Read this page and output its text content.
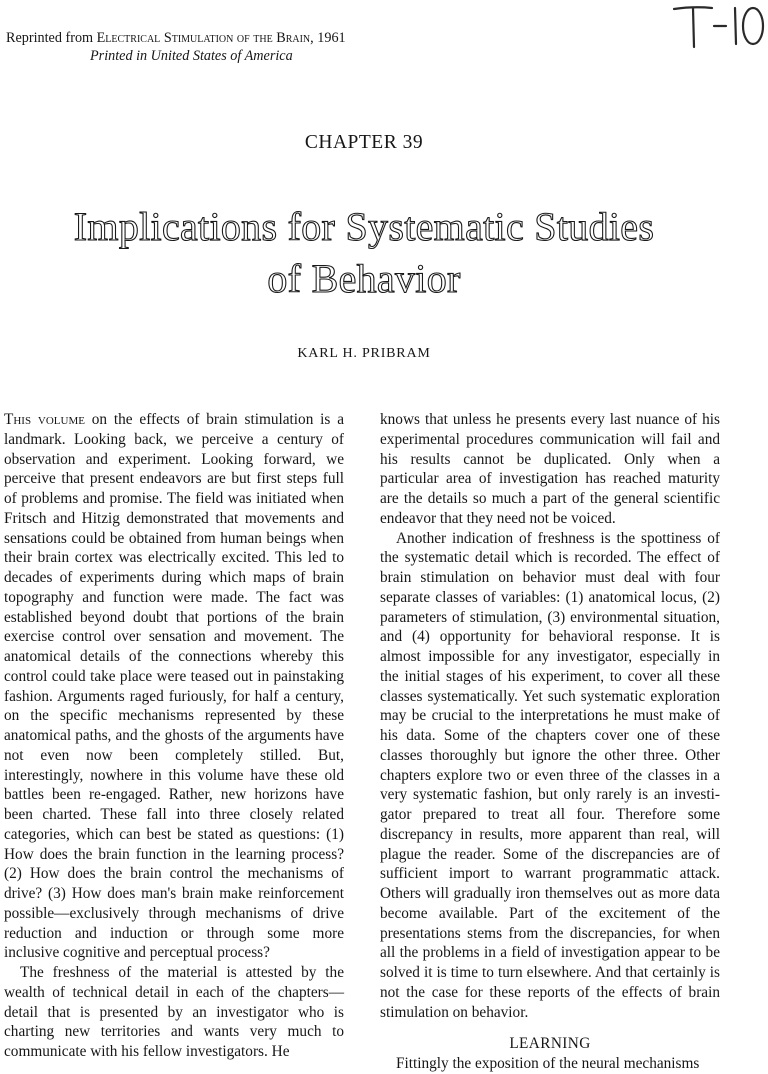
Reprinted from Electrical Stimulation of the Brain, 1961
Printed in United States of America
CHAPTER 39
Implications for Systematic Studies
of Behavior
KARL H. PRIBRAM

This volume on the effects of brain stimulation is a landmark. Looking back, we perceive a century of observation and experiment. Looking forward, we perceive that present endeavors are but first steps full of problems and promise. The field was initiated when Fritsch and Hitzig demonstrated that movements and sensations could be obtained from human beings when their brain cortex was electrically excited. This led to decades of experiments during which maps of brain topography and function were made. The fact was established beyond doubt that portions of the brain exercise control over sensation and movement. The anatomical details of the connections whereby this control could take place were teased out in painstaking fashion. Arguments raged furiously, for half a century, on the specific mechanisms represented by these anatomical paths, and the ghosts of the arguments have not even now been completely stilled. But, interestingly, nowhere in this volume have these old battles been re-engaged. Rather, new horizons have been charted. These fall into three closely related categories, which can best be stated as questions: (1) How does the brain function in the learning process? (2) How does the brain control the mechanisms of drive? (3) How does man's brain make reinforcement possible—exclusively through mechanisms of drive reduction and induction or through some more inclusive cognitive and perceptual process?

The freshness of the material is attested by the wealth of technical detail in each of the chapters—detail that is presented by an investigator who is charting new territories and wants very much to communicate with his fellow investigators. He

knows that unless he presents every last nuance of his experimental procedures communication will fail and his results cannot be duplicated. Only when a particular area of investigation has reached maturity are the details so much a part of the general scientific endeavor that they need not be voiced.

Another indication of freshness is the spottiness of the systematic detail which is recorded. The effect of brain stimulation on behavior must deal with four separate classes of variables: (1) anatomical locus, (2) parameters of stimulation, (3) environmental situation, and (4) opportunity for behavioral response. It is almost impossible for any investigator, especially in the initial stages of his experiment, to cover all these classes systematically. Yet such systematic exploration may be crucial to the interpretations he must make of his data. Some of the chapters cover one of these classes thoroughly but ignore the other three. Other chapters explore two or even three of the classes in a very systematic fashion, but only rarely is an investigator prepared to treat all four. Therefore some discrepancy in results, more apparent than real, will plague the reader. Some of the discrepancies are of sufficient import to warrant programmatic attack. Others will gradually iron themselves out as more data become available. Part of the excitement of the presentations stems from the discrepancies, for when all the problems in a field of investigation appear to be solved it is time to turn elsewhere. And that certainly is not the case for these reports of the effects of brain stimulation on behavior.

LEARNING

Fittingly the exposition of the neural mechanisms
